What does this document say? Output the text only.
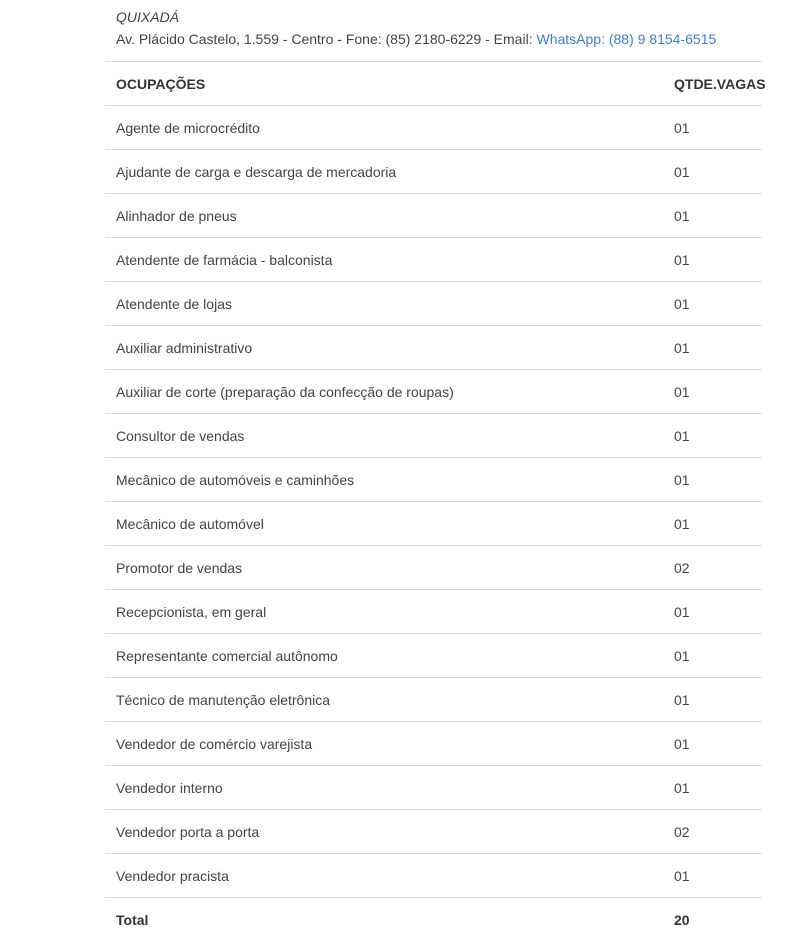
QUIXADÁ
Av. Plácido Castelo, 1.559 - Centro - Fone: (85) 2180-6229 - Email: WhatsApp: (88) 9 8154-6515
OCUPAÇÕES	QTDE.VAGAS
Agente de microcrédito	01
Ajudante de carga e descarga de mercadoria	01
Alinhador de pneus	01
Atendente de farmácia - balconista	01
Atendente de lojas	01
Auxiliar administrativo	01
Auxiliar de corte (preparação da confecção de roupas)	01
Consultor de vendas	01
Mecânico de automóveis e caminhões	01
Mecânico de automóvel	01
Promotor de vendas	02
Recepcionista, em geral	01
Representante comercial autônomo	01
Técnico de manutenção eletrônica	01
Vendedor de comércio varejista	01
Vendedor interno	01
Vendedor porta a porta	02
Vendedor pracista	01
Total	20
